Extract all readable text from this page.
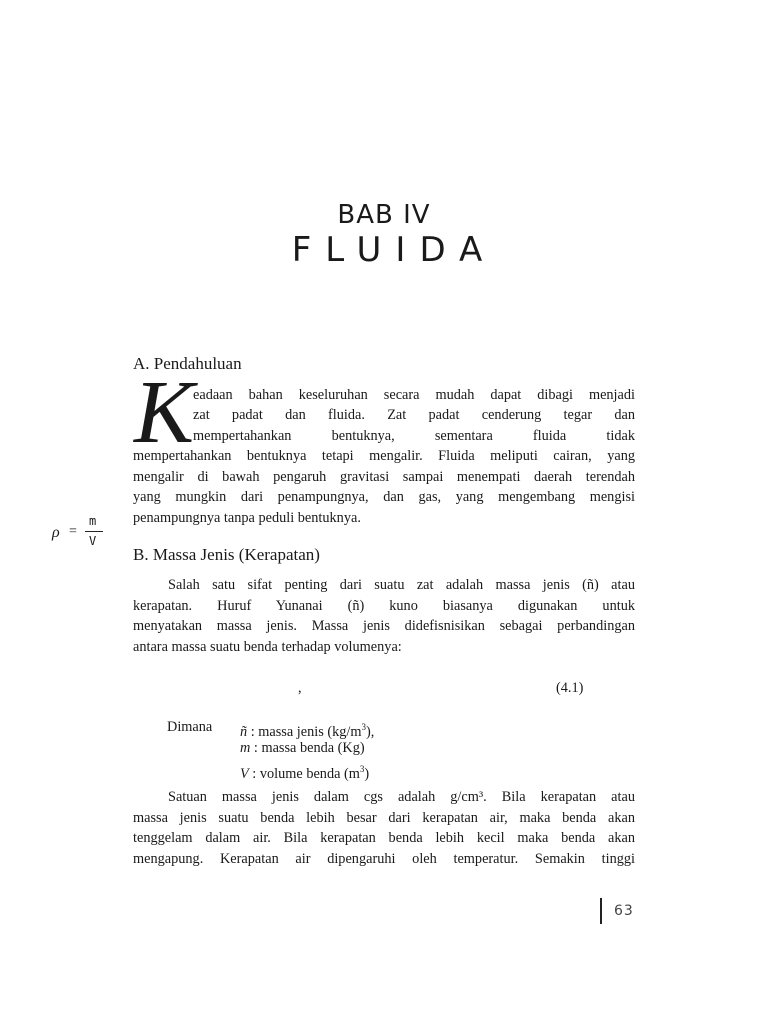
BAB IV
FLUIDA
A. Pendahuluan
K
eadaan bahan keseluruhan secara mudah dapat dibagi menjadi
zat padat dan fluida. Zat padat cenderung tegar dan
mempertahankan bentuknya, sementara fluida tidak
mempertahankan bentuknya tetapi mengalir. Fluida meliputi cairan, yang
mengalir di bawah pengaruh gravitasi sampai menempati daerah terendah
yang mungkin dari penampungnya, dan gas, yang mengembang mengisi
penampungnya tanpa peduli bentuknya.
ρ =
m
V
B. Massa Jenis (Kerapatan)
Salah satu sifat penting dari suatu zat adalah massa jenis (ñ) atau
kerapatan. Huruf Yunanai (ñ) kuno biasanya digunakan untuk
menyatakan massa jenis. Massa jenis didefisnisikan sebagai perbandingan
antara massa suatu benda terhadap volumenya:
,	(4.1)
Dimana ñ : massa jenis $(kg/m^3)$,
m : massa benda (Kg)
V : volume benda $(m^3)$
Satuan massa jenis dalam cgs adalah g/cm³. Bila kerapatan atau
massa jenis suatu benda lebih besar dari kerapatan air, maka benda akan
tenggelam dalam air. Bila kerapatan benda lebih kecil maka benda akan
mengapung. Kerapatan air dipengaruhi oleh temperatur. Semakin tinggi
63
